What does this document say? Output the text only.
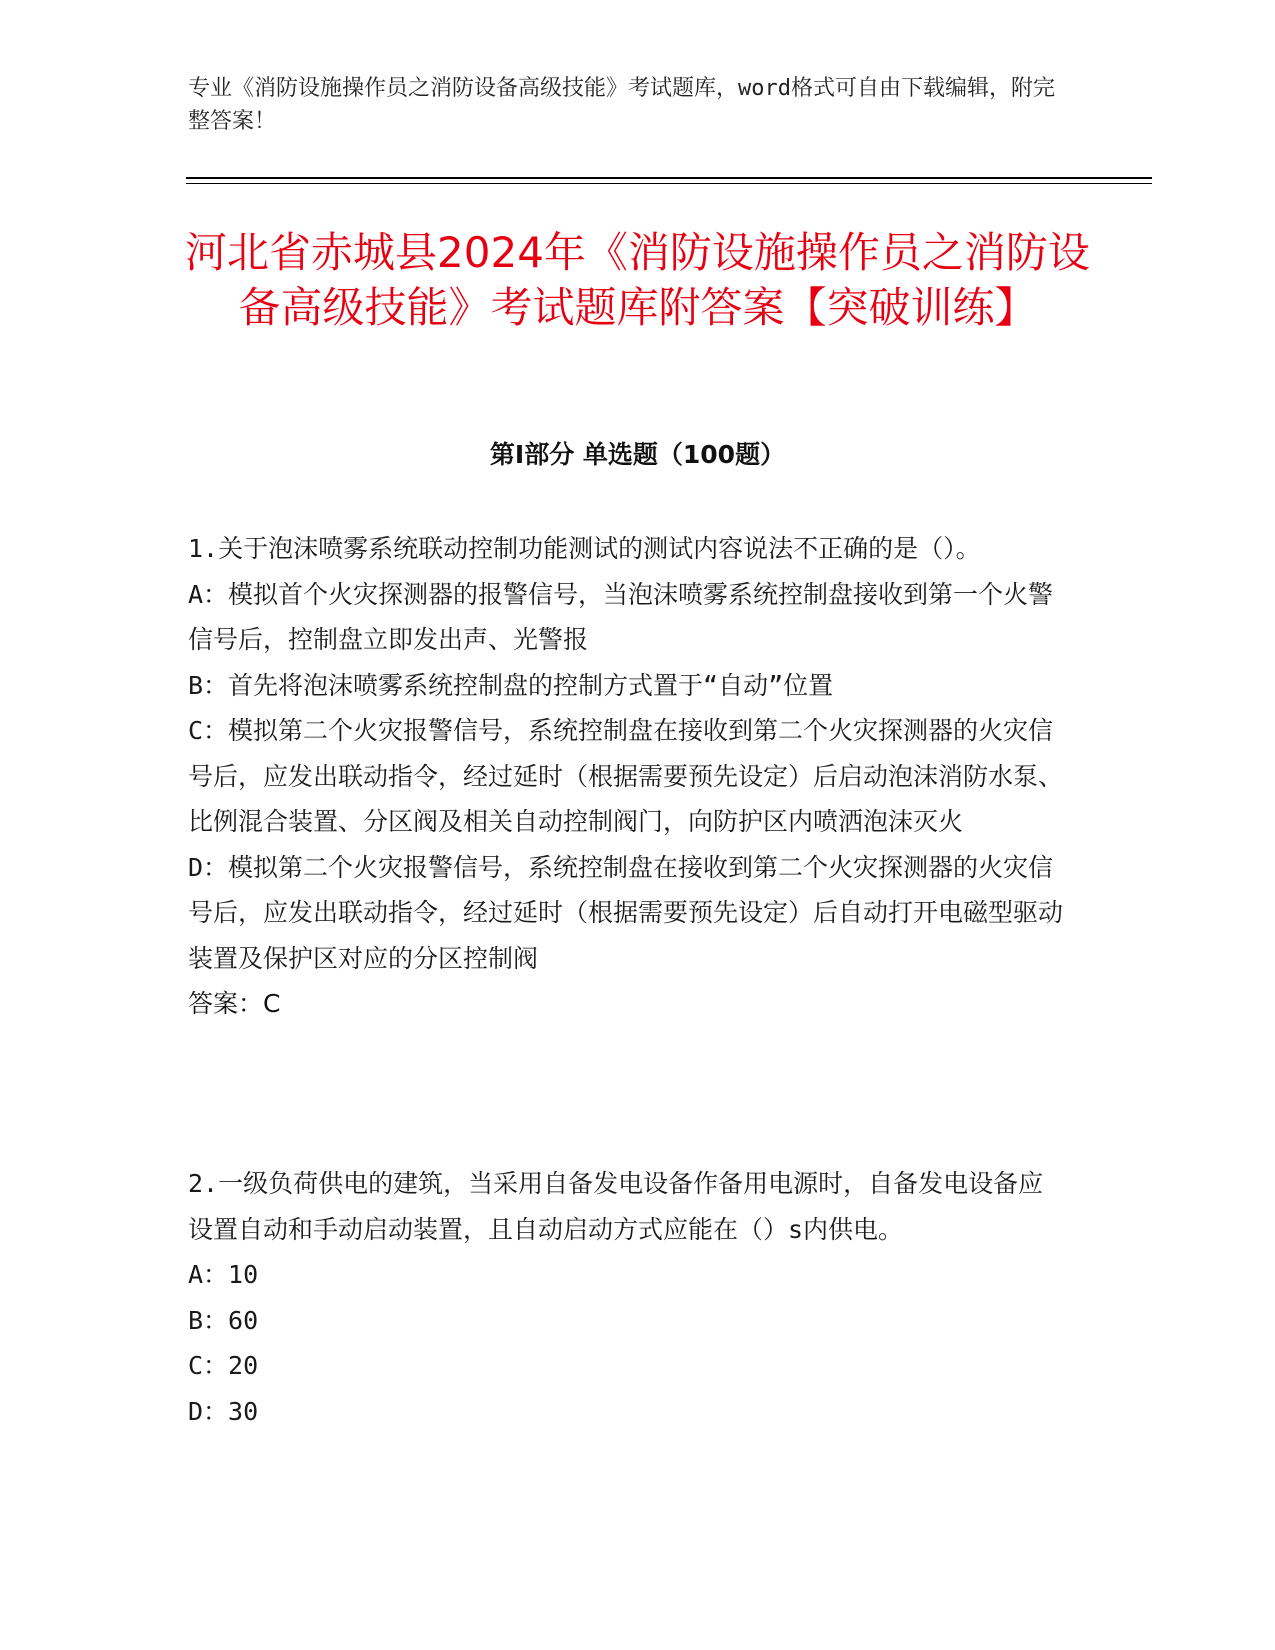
专业《消防设施操作员之消防设备高级技能》考试题库，word格式可自由下载编辑，附完整答案！
河北省赤城县2024年《消防设施操作员之消防设备高级技能》考试题库附答案【突破训练】
第I部分 单选题（100题）
1.关于泡沫喷雾系统联动控制功能测试的测试内容说法不正确的是（）。
A：模拟首个火灾探测器的报警信号，当泡沫喷雾系统控制盘接收到第一个火警信号后，控制盘立即发出声、光警报
B：首先将泡沫喷雾系统控制盘的控制方式置于“自动”位置
C：模拟第二个火灾报警信号，系统控制盘在接收到第二个火灾探测器的火灾信号后，应发出联动指令，经过延时（根据需要预先设定）后启动泡沫消防水泵、比例混合装置、分区阀及相关自动控制阀门，向防护区内喷洒泡沫灭火
D：模拟第二个火灾报警信号，系统控制盘在接收到第二个火灾探测器的火灾信号后，应发出联动指令，经过延时（根据需要预先设定）后自动打开电磁型驱动装置及保护区对应的分区控制阀
答案：C
2.一级负荷供电的建筑，当采用自备发电设备作备用电源时，自备发电设备应设置自动和手动启动装置，且自动启动方式应能在（）s内供电。
A：10
B：60
C：20
D：30
